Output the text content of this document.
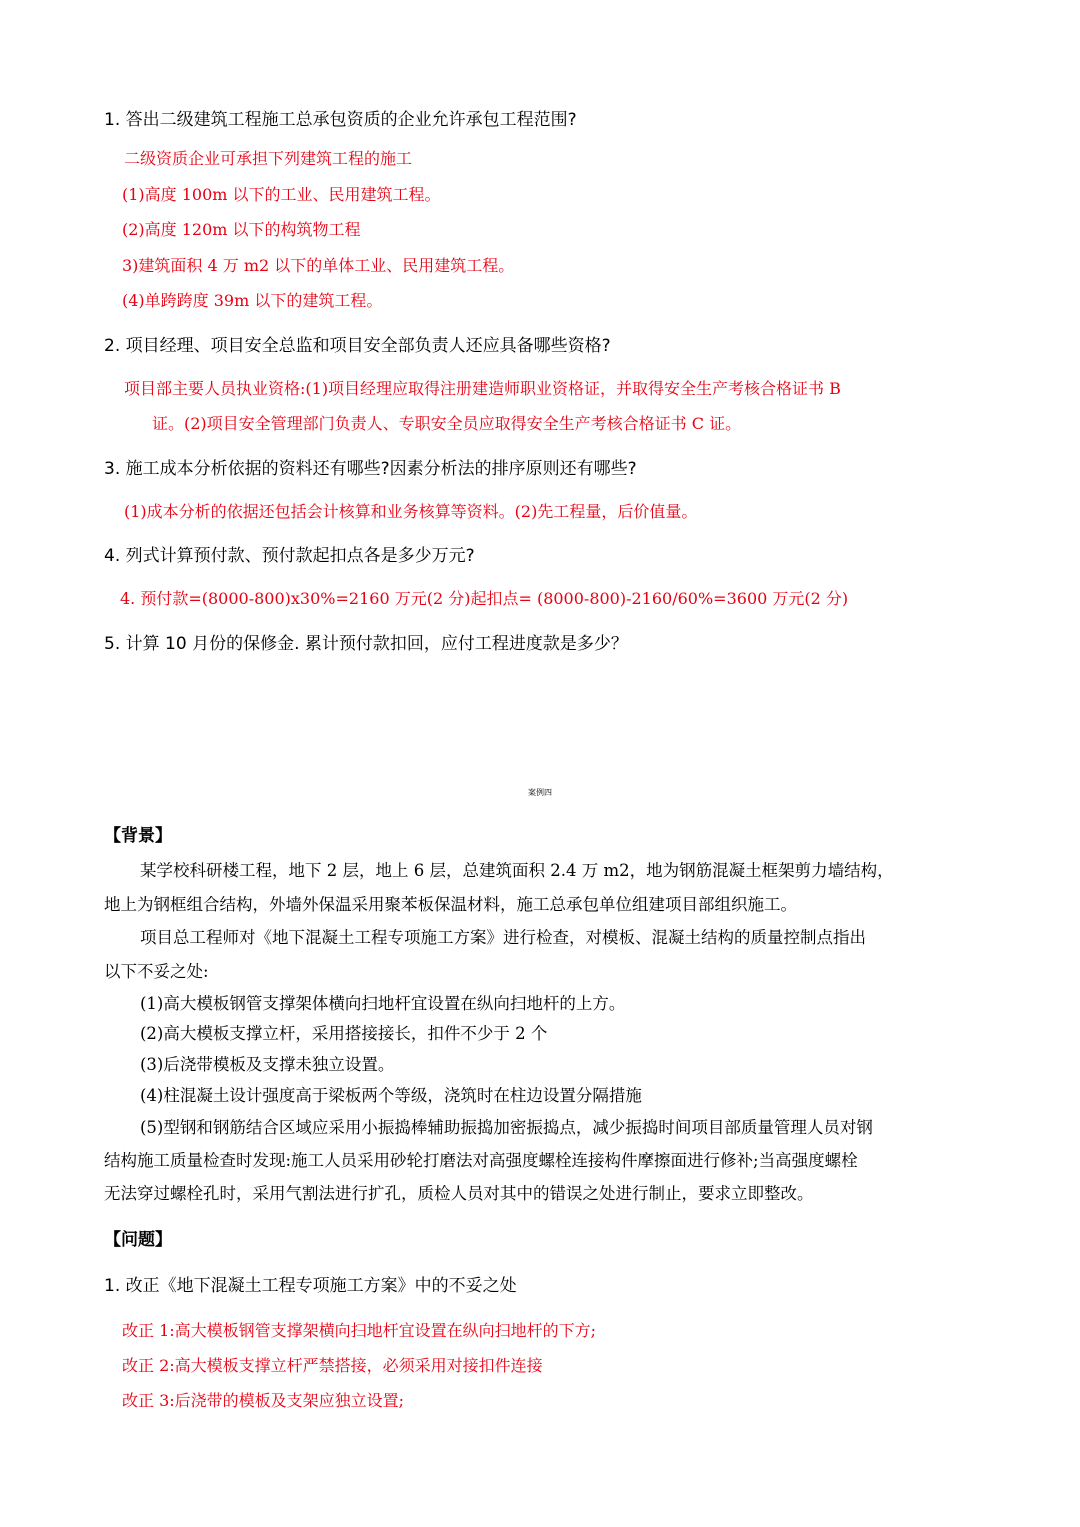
1. 答出二级建筑工程施工总承包资质的企业允许承包工程范围?
二级资质企业可承担下列建筑工程的施工
(1)高度 100m 以下的工业、民用建筑工程。
(2)高度 120m 以下的构筑物工程
3)建筑面积 4 万 m2 以下的单体工业、民用建筑工程。
(4)单跨跨度 39m 以下的建筑工程。
2. 项目经理、项目安全总监和项目安全部负责人还应具备哪些资格?
项目部主要人员执业资格:(1)项目经理应取得注册建造师职业资格证，并取得安全生产考核合格证书 B
证。(2)项目安全管理部门负责人、专职安全员应取得安全生产考核合格证书 C 证。
3. 施工成本分析依据的资料还有哪些?因素分析法的排序原则还有哪些?
(1)成本分析的依据还包括会计核算和业务核算等资料。(2)先工程量，后价值量。
4. 列式计算预付款、预付款起扣点各是多少万元?
4. 预付款=(8000-800)x30%=2160 万元(2 分)起扣点= (8000-800)-2160/60%=3600 万元(2 分)
5. 计算 10 月份的保修金. 累计预付款扣回，应付工程进度款是多少？
案例四
【背景】
某学校科研楼工程，地下 2 层，地上 6 层，总建筑面积 2.4 万 m2，地为钢筋混凝土框架剪力墙结构，
地上为钢框组合结构，外墙外保温采用聚苯板保温材料，施工总承包单位组建项目部组织施工。
项目总工程师对《地下混凝土工程专项施工方案》进行检查，对模板、混凝土结构的质量控制点指出
以下不妥之处:
(1)高大模板钢管支撑架体横向扫地杆宜设置在纵向扫地杆的上方。
(2)高大模板支撑立杆，采用搭接接长，扣件不少于 2 个
(3)后浇带模板及支撑未独立设置。
(4)柱混凝土设计强度高于梁板两个等级，浇筑时在柱边设置分隔措施
(5)型钢和钢筋结合区域应采用小振捣棒辅助振捣加密振捣点，减少振捣时间项目部质量管理人员对钢
结构施工质量检查时发现:施工人员采用砂轮打磨法对高强度螺栓连接构件摩擦面进行修补;当高强度螺栓
无法穿过螺栓孔时，采用气割法进行扩孔，质检人员对其中的错误之处进行制止，要求立即整改。
【问题】
1. 改正《地下混凝土工程专项施工方案》中的不妥之处
改正 1:高大模板钢管支撑架横向扫地杆宜设置在纵向扫地杆的下方;
改正 2:高大模板支撑立杆严禁搭接，必须采用对接扣件连接
改正 3:后浇带的模板及支架应独立设置;
